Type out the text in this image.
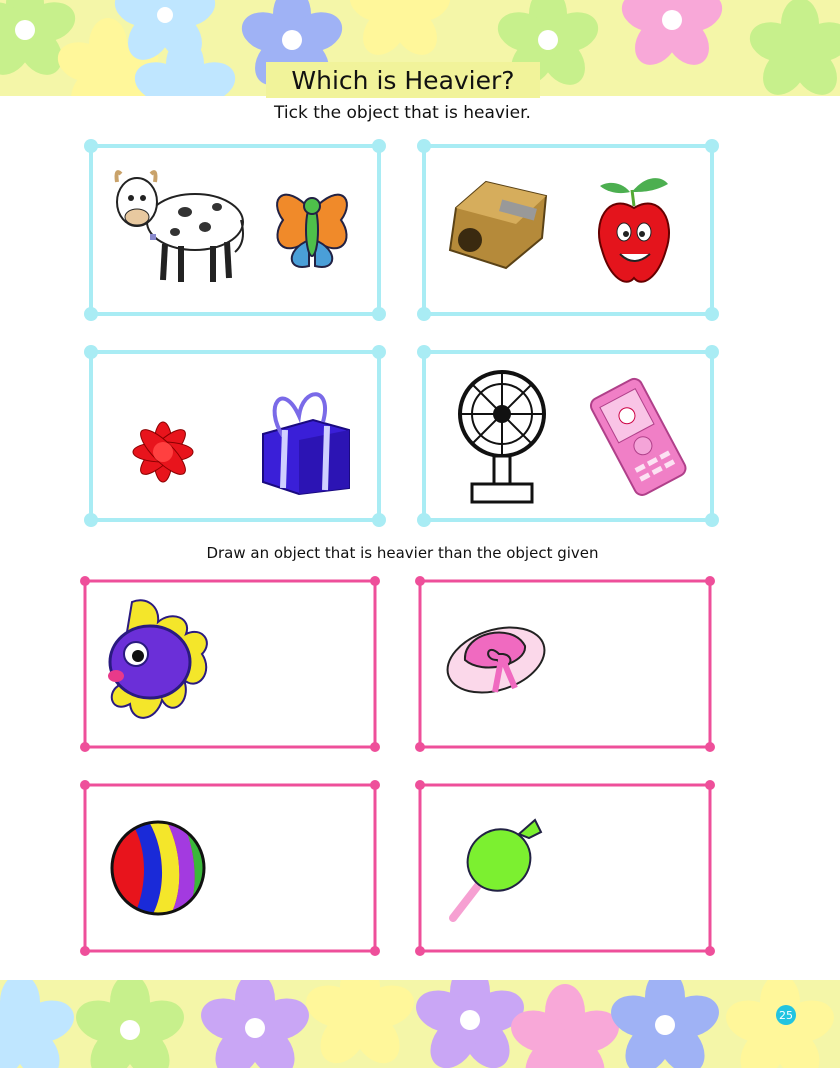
Which is Heavier?
Tick the object that is heavier.
Draw an object that is heavier than the object given
25
